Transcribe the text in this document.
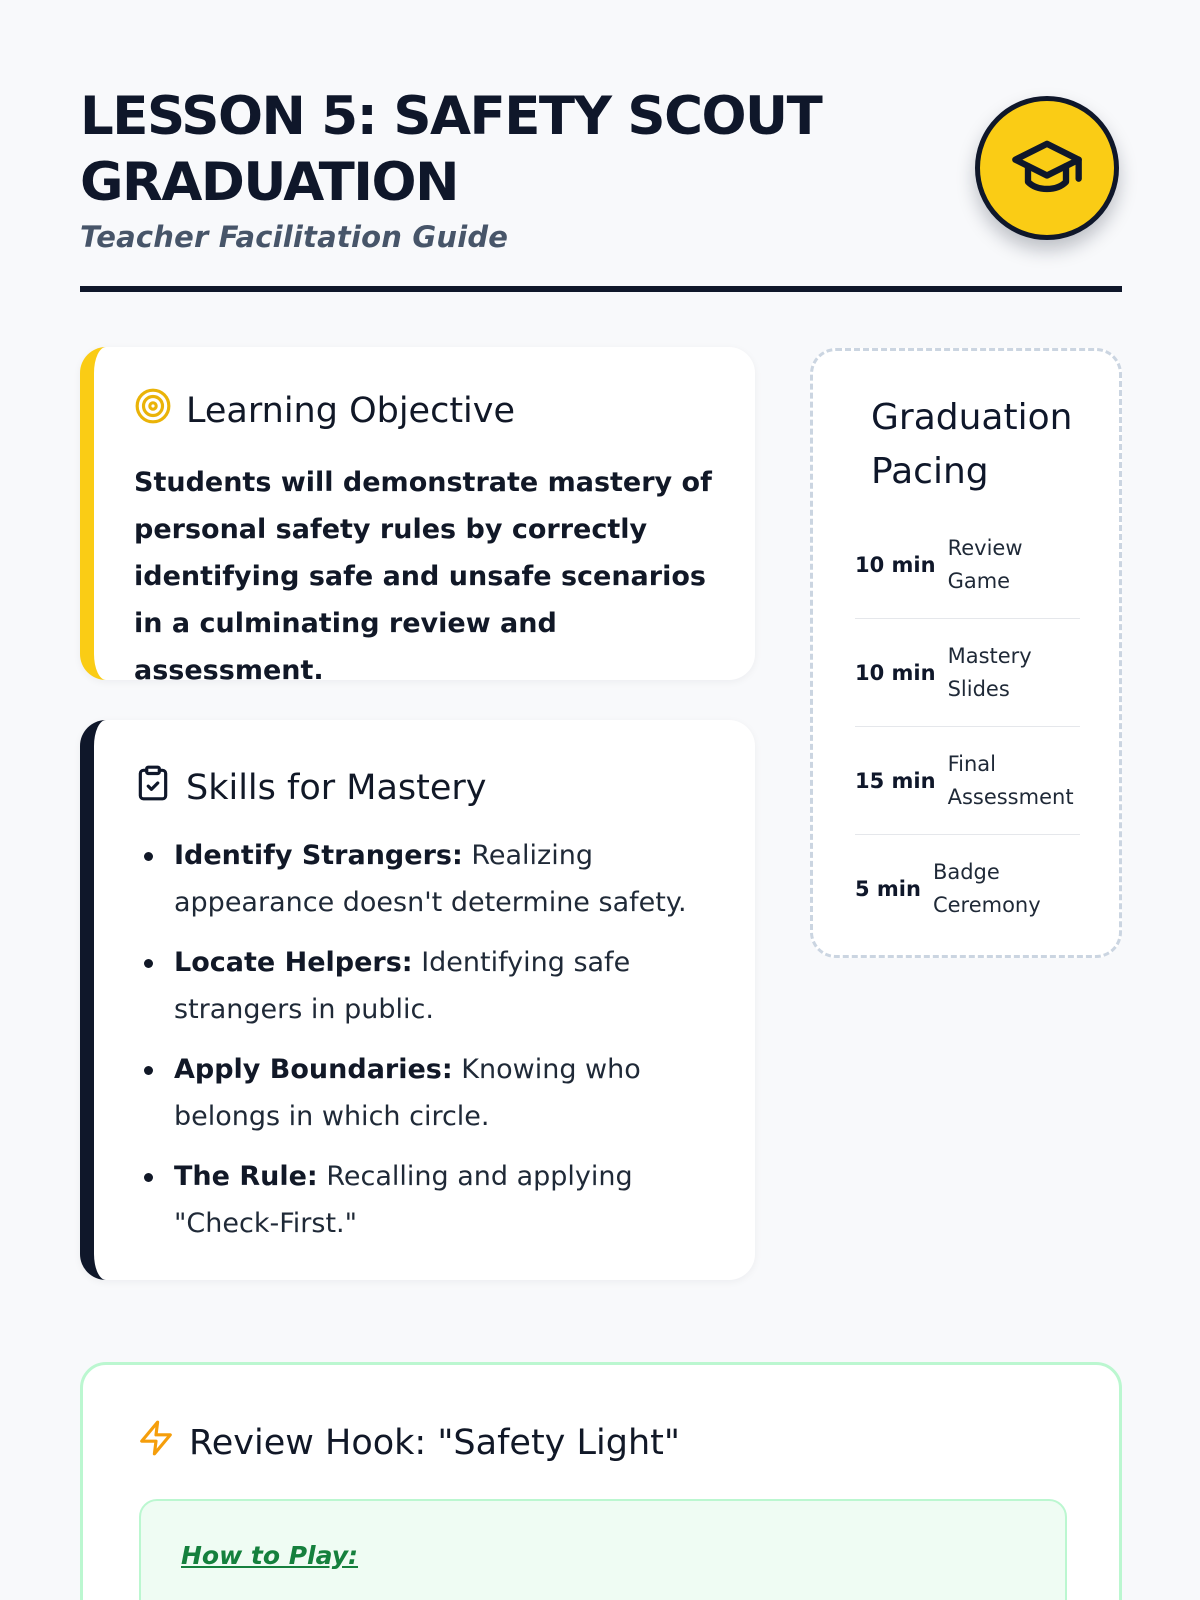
LESSON 5: SAFETY SCOUT GRADUATION
Teacher Facilitation Guide
Learning Objective

Students will demonstrate mastery of personal safety rules by correctly identifying safe and unsafe scenarios in a culminating review and assessment.

Skills for Mastery
Identify Strangers: Realizing appearance doesn't determine safety.
Locate Helpers: Identifying safe strangers in public.
Apply Boundaries: Knowing who belongs in which circle.
The Rule: Recalling and applying "Check-First."
Graduation Pacing
10 min
Review Game
10 min
Mastery Slides
15 min
Final Assessment
5 min
Badge Ceremony
Review Hook: "Safety Light"
How to Play:
